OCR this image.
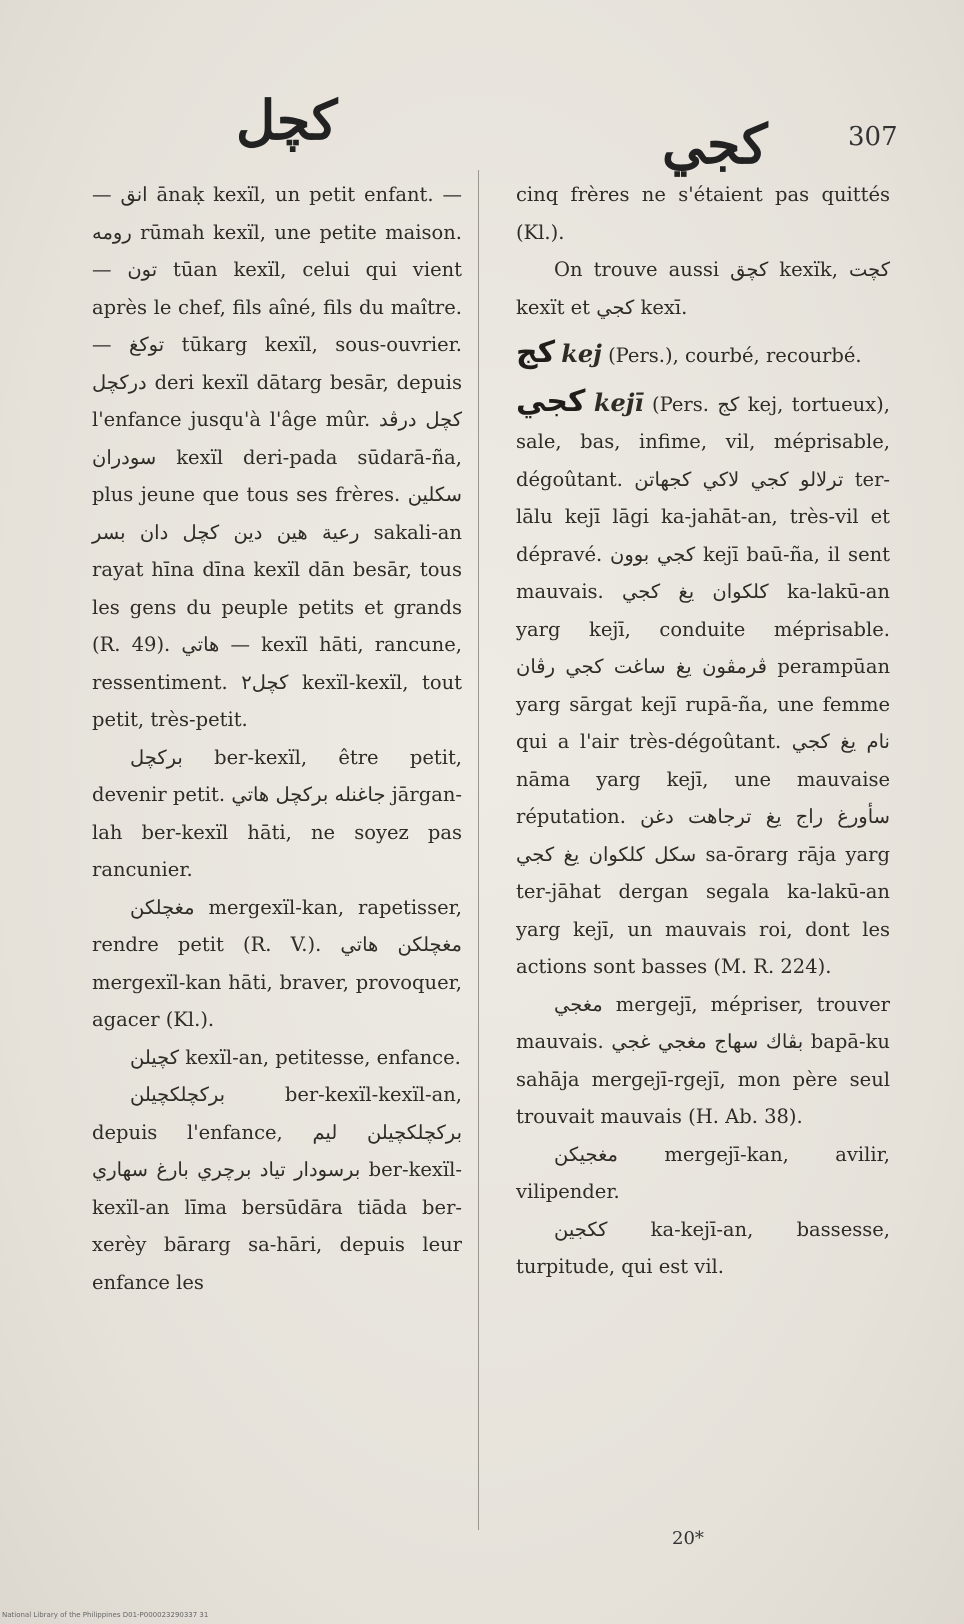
كچل	كجي	307

— انق ānaḳ kexïl, un petit enfant. — رومه rūmah kexïl, une petite maison. — تون tūan kexïl, celui qui vient après le chef, fils aîné, fils du maître. — توكغ tūkarg kexïl, sous-ouvrier. درکچل deri kexïl dātarg besār, depuis l'enfance jusqu'à l'âge mûr. کچل درڤد سودران kexïl deri-pada sūdarā-ña, plus jeune que tous ses frères. سکلين رعية هين دين كچل دان بسر sakali-an rayat hīna dīna kexïl dān besār, tous les gens du peuple petits et grands (R. 49). هاتي — kexïl hāti, rancune, ressentiment. کچل٢ kexïl-kexïl, tout petit, très-petit.

برکچل ber-kexïl, être petit, devenir petit. جاغنله برکچل هاتي jārgan-lah ber-kexïl hāti, ne soyez pas rancunier.

مغچلکن mergexïl-kan, rapetisser, rendre petit (R. V.). مغچلکن هاتي mergexïl-kan hāti, braver, provoquer, agacer (Kl.).

کچيلن kexïl-an, petitesse, enfance.

برکچلکچيلن ber-kexïl-kexïl-an, depuis l'enfance, برکچلکچيلن ليم برسودار تياد برچري بارغ سهاري ber-kexïl-kexïl-an līma bersūdāra tiāda ber-xerèy bārarg sa-hāri, depuis leur enfance les

cinq frères ne s'étaient pas quittés (Kl.).

On trouve aussi كچق kexïk, كچت kexït et كجي kexī.

كج kej (Pers.), courbé, recourbé.

كجي kejī (Pers. كج kej, tortueux), sale, bas, infime, vil, méprisable, dégoûtant. ترلالو كجي لاكي كجهاتن ter-lālu kejī lāgi ka-jahāt-an, très-vil et dépravé. كجي بوون kejī baū-ña, il sent mauvais. كلكوان يغ كجي ka-lakū-an yarg kejī, conduite méprisable. ڤرمڤون يغ ساغت كجي رڤان perampūan yarg sārgat kejī rupā-ña, une femme qui a l'air très-dégoûtant. نام يغ كجي nāma yarg kejī, une mauvaise réputation. سأورغ راج يغ ترجاهت دغن سكل كلكوان يغ كجي sa-ōrarg rāja yarg ter-jāhat dergan segala ka-lakū-an yarg kejī, un mauvais roi, dont les actions sont basses (M. R. 224).

مغجي merɡejī, mépriser, trouver mauvais. بڤاك سهاج مغجي غجي bapā-ku sahāja merɡejī-rgejī, mon père seul trouvait mauvais (H. Ab. 38).

مغجيكن merɡejī-kan, avilir, vilipender.

ككجين ka-kejī-an, bassesse, turpitude, qui est vil.

20*
National Library of the Philippines D01-P000023290337 31
